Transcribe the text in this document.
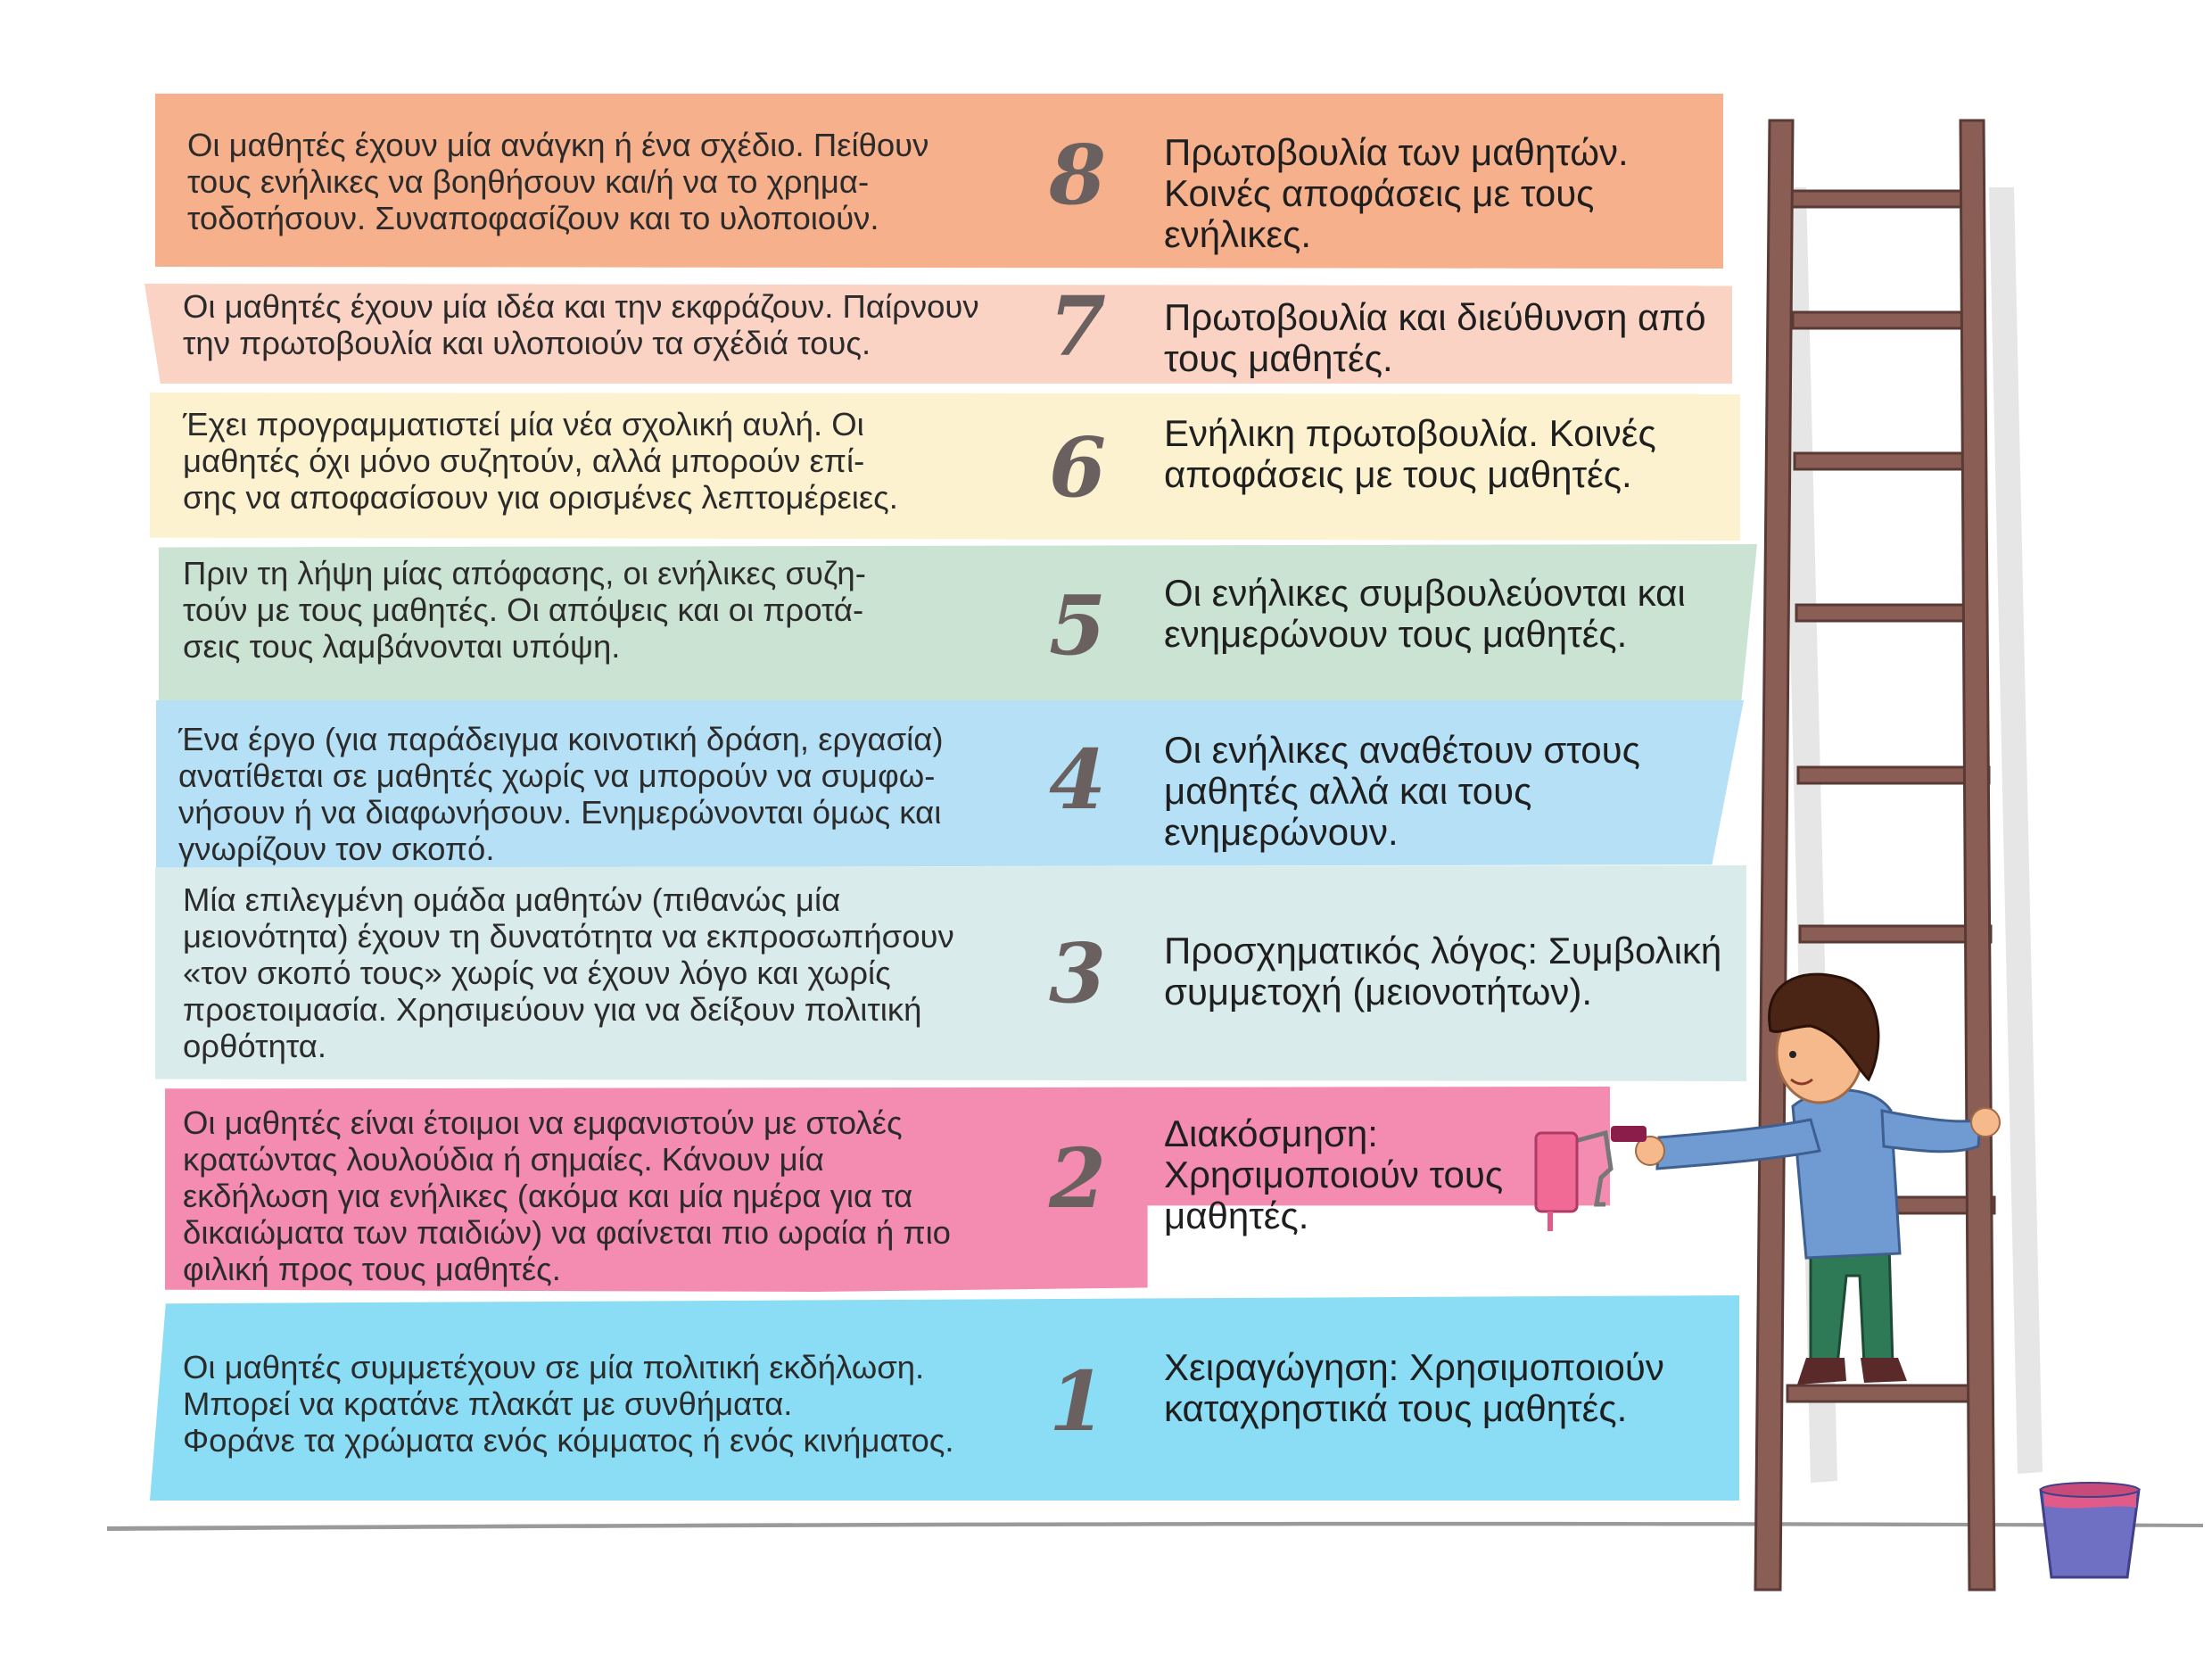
Οι μαθητές έχουν μία ανάγκη ή ένα σχέδιο. Πείθουν
τους ενήλικες να βοηθήσουν και/ή να το χρημα-
τοδοτήσουν. Συναποφασίζουν και το υλοποιούν.
Οι μαθητές έχουν μία ιδέα και την εκφράζουν. Παίρνουν
την πρωτοβουλία και υλοποιούν τα σχέδιά τους.
Έχει προγραμματιστεί μία νέα σχολική αυλή. Οι
μαθητές όχι μόνο συζητούν, αλλά μπορούν επί-
σης να αποφασίσουν για ορισμένες λεπτομέρειες.
Πριν τη λήψη μίας απόφασης, οι ενήλικες συζη-
τούν με τους μαθητές. Οι απόψεις και οι προτά-
σεις τους λαμβάνονται υπόψη.
Ένα έργο (για παράδειγμα κοινοτική δράση, εργασία)
ανατίθεται σε μαθητές χωρίς να μπορούν να συμφω-
νήσουν ή να διαφωνήσουν. Ενημερώνονται όμως και
γνωρίζουν τον σκοπό.
Μία επιλεγμένη ομάδα μαθητών (πιθανώς μία
μειονότητα) έχουν τη δυνατότητα να εκπροσωπήσουν
«τον σκοπό τους» χωρίς να έχουν λόγο και χωρίς
προετοιμασία. Χρησιμεύουν για να δείξουν πολιτική
ορθότητα.
Οι μαθητές είναι έτοιμοι να εμφανιστούν με στολές
κρατώντας λουλούδια ή σημαίες. Κάνουν μία
εκδήλωση για ενήλικες (ακόμα και μία ημέρα για τα
δικαιώματα των παιδιών) να φαίνεται πιο ωραία ή πιο
φιλική προς τους μαθητές.
Οι μαθητές συμμετέχουν σε μία πολιτική εκδήλωση.
Μπορεί να κρατάνε πλακάτ με συνθήματα.
Φοράνε τα χρώματα ενός κόμματος ή ενός κινήματος.
8
7
6
5
4
3
2
1
Πρωτοβουλία των μαθητών.
Κοινές αποφάσεις με τους
ενήλικες.
Πρωτοβουλία και διεύθυνση από
τους μαθητές.
Ενήλικη πρωτοβουλία. Κοινές
αποφάσεις με τους μαθητές.
Οι ενήλικες συμβουλεύονται και
ενημερώνουν τους μαθητές.
Οι ενήλικες αναθέτουν στους
μαθητές αλλά και τους
ενημερώνουν.
Προσχηματικός λόγος: Συμβολική
συμμετοχή (μειονοτήτων).
Διακόσμηση:
Χρησιμοποιούν τους
μαθητές.
Χειραγώγηση: Χρησιμοποιούν
καταχρηστικά τους μαθητές.
